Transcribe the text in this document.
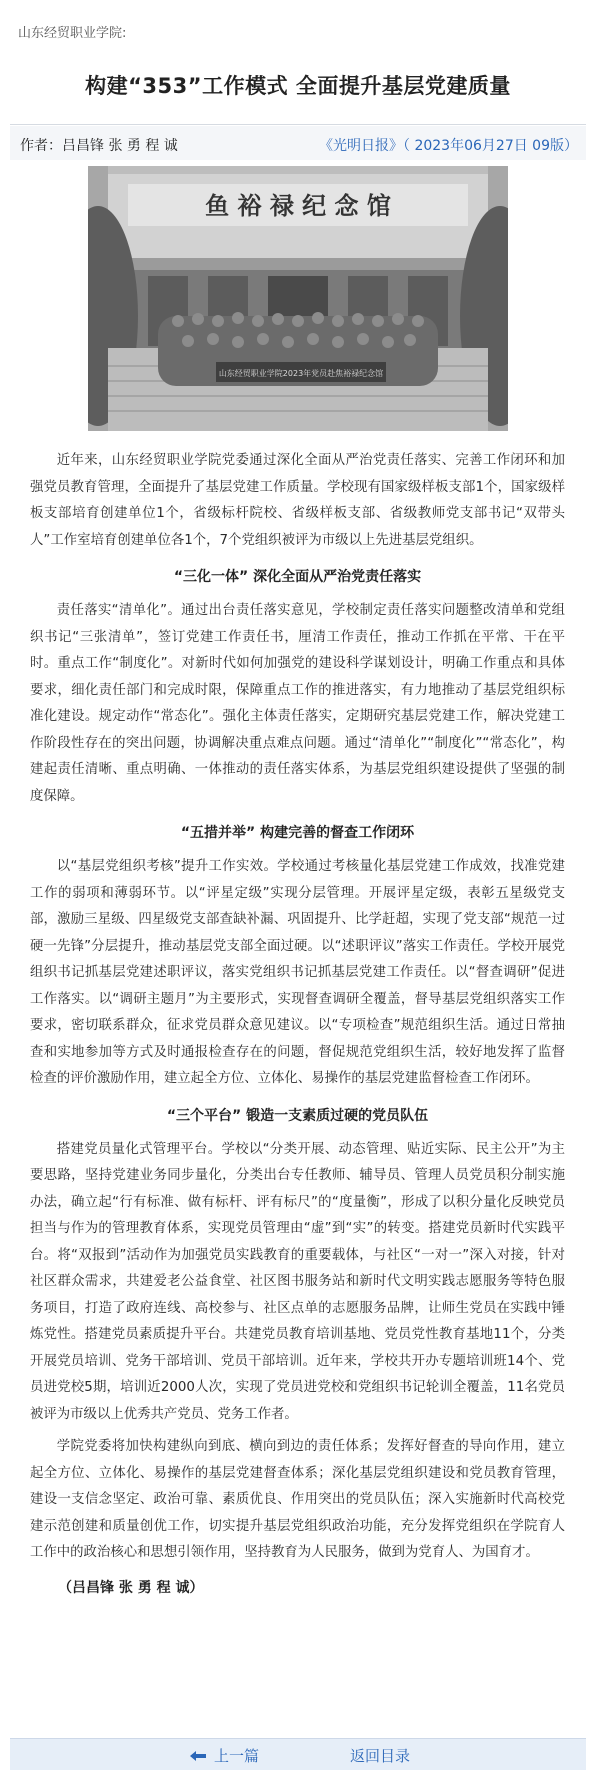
山东经贸职业学院:
构建“353”工作模式 全面提升基层党建质量
作者：吕昌锋 张 勇 程 诚	《光明日报》（ 2023年06月27日 09版）
鱼 裕 禄 纪 念 馆
山东经贸职业学院2023年党员赴焦裕禄纪念馆

近年来，山东经贸职业学院党委通过深化全面从严治党责任落实、完善工作闭环和加强党员教育管理，全面提升了基层党建工作质量。学校现有国家级样板支部1个，国家级样板支部培育创建单位1个，省级标杆院校、省级样板支部、省级教师党支部书记“双带头人”工作室培育创建单位各1个，7个党组织被评为市级以上先进基层党组织。

“三化一体” 深化全面从严治党责任落实

责任落实“清单化”。通过出台责任落实意见，学校制定责任落实问题整改清单和党组织书记“三张清单”，签订党建工作责任书，厘清工作责任，推动工作抓在平常、干在平时。重点工作“制度化”。对新时代如何加强党的建设科学谋划设计，明确工作重点和具体要求，细化责任部门和完成时限，保障重点工作的推进落实，有力地推动了基层党组织标准化建设。规定动作“常态化”。强化主体责任落实，定期研究基层党建工作，解决党建工作阶段性存在的突出问题，协调解决重点难点问题。通过“清单化”“制度化”“常态化”，构建起责任清晰、重点明确、一体推动的责任落实体系，为基层党组织建设提供了坚强的制度保障。

“五措并举” 构建完善的督查工作闭环

以“基层党组织考核”提升工作实效。学校通过考核量化基层党建工作成效，找准党建工作的弱项和薄弱环节。以“评星定级”实现分层管理。开展评星定级，表彰五星级党支部，激励三星级、四星级党支部查缺补漏、巩固提升、比学赶超，实现了党支部“规范一过硬一先锋”分层提升，推动基层党支部全面过硬。以“述职评议”落实工作责任。学校开展党组织书记抓基层党建述职评议，落实党组织书记抓基层党建工作责任。以“督查调研”促进工作落实。以“调研主题月”为主要形式，实现督查调研全覆盖，督导基层党组织落实工作要求，密切联系群众，征求党员群众意见建议。以“专项检查”规范组织生活。通过日常抽查和实地参加等方式及时通报检查存在的问题，督促规范党组织生活，较好地发挥了监督检查的评价激励作用，建立起全方位、立体化、易操作的基层党建监督检查工作闭环。

“三个平台” 锻造一支素质过硬的党员队伍

搭建党员量化式管理平台。学校以“分类开展、动态管理、贴近实际、民主公开”为主要思路，坚持党建业务同步量化，分类出台专任教师、辅导员、管理人员党员积分制实施办法，确立起“行有标准、做有标杆、评有标尺”的“度量衡”，形成了以积分量化反映党员担当与作为的管理教育体系，实现党员管理由“虚”到“实”的转变。搭建党员新时代实践平台。将“双报到”活动作为加强党员实践教育的重要载体，与社区“一对一”深入对接，针对社区群众需求，共建爱老公益食堂、社区图书服务站和新时代文明实践志愿服务等特色服务项目，打造了政府连线、高校参与、社区点单的志愿服务品牌，让师生党员在实践中锤炼党性。搭建党员素质提升平台。共建党员教育培训基地、党员党性教育基地11个，分类开展党员培训、党务干部培训、党员干部培训。近年来，学校共开办专题培训班14个、党员进党校5期，培训近2000人次，实现了党员进党校和党组织书记轮训全覆盖，11名党员被评为市级以上优秀共产党员、党务工作者。

学院党委将加快构建纵向到底、横向到边的责任体系；发挥好督查的导向作用，建立起全方位、立体化、易操作的基层党建督查体系；深化基层党组织建设和党员教育管理，建设一支信念坚定、政治可靠、素质优良、作用突出的党员队伍；深入实施新时代高校党建示范创建和质量创优工作，切实提升基层党组织政治功能，充分发挥党组织在学院育人工作中的政治核心和思想引领作用，坚持教育为人民服务，做到为党育人、为国育才。

（吕昌锋 张 勇 程 诚）

上一篇	返回目录
